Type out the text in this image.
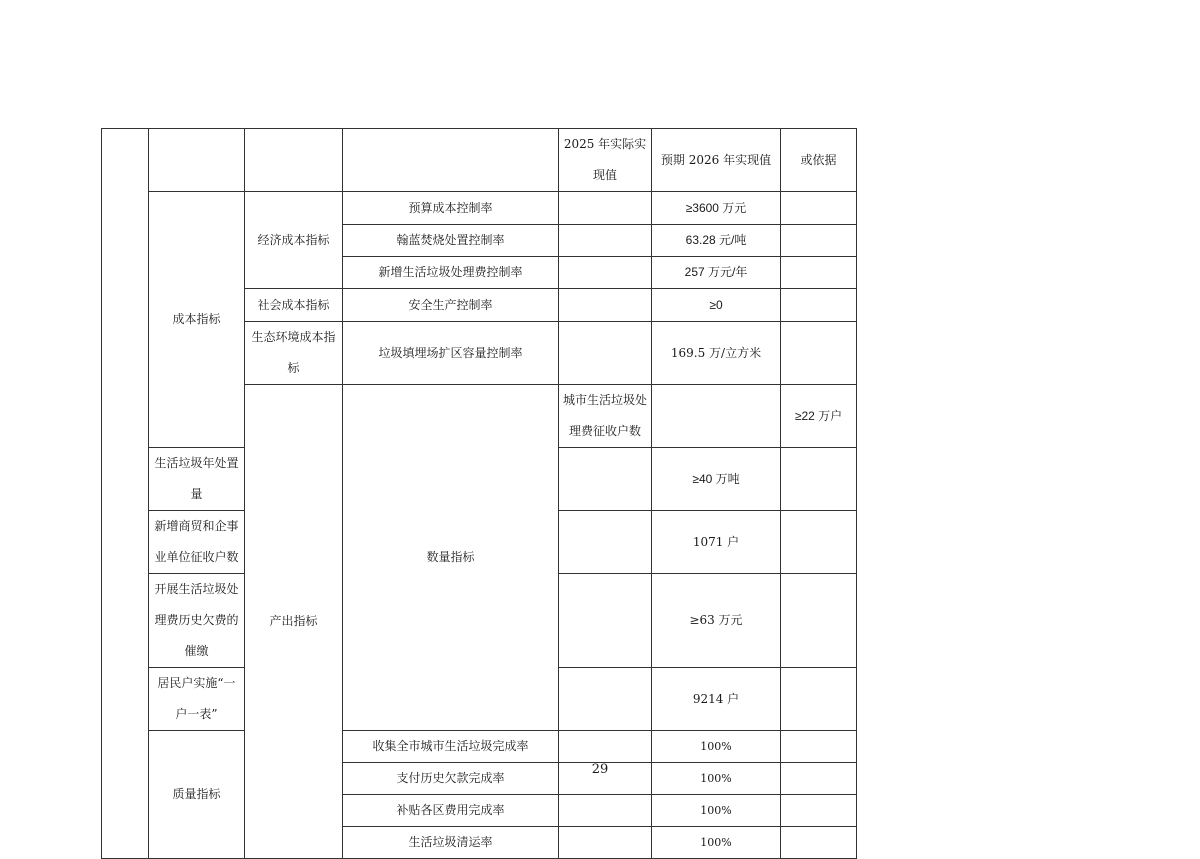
				2025 年实际实现值	预期 2026 年实现值	或依据	
	成本指标	经济成本指标	预算成本控制率		≥3600 万元		
			翰蓝焚烧处置控制率		63.28 元/吨		
			新增生活垃圾处理费控制率		257 万元/年		
		社会成本指标	安全生产控制率		≥0		
		生态环境成本指标	垃圾填埋场扩区容量控制率		169.5 万/立方米		
		产出指标	数量指标	城市生活垃圾处理费征收户数		≥22 万户	
	生活垃圾年处置量				≥40 万吨		
	新增商贸和企事业单位征收户数				1071 户		
	开展生活垃圾处理费历史欠费的催缴				≥63 万元		
	居民户实施“一户一表”				9214 户		
	质量指标		收集全市城市生活垃圾完成率		100%		
			支付历史欠款完成率		100%		
			补贴各区费用完成率		100%		
			生活垃圾清运率		100%		
29
